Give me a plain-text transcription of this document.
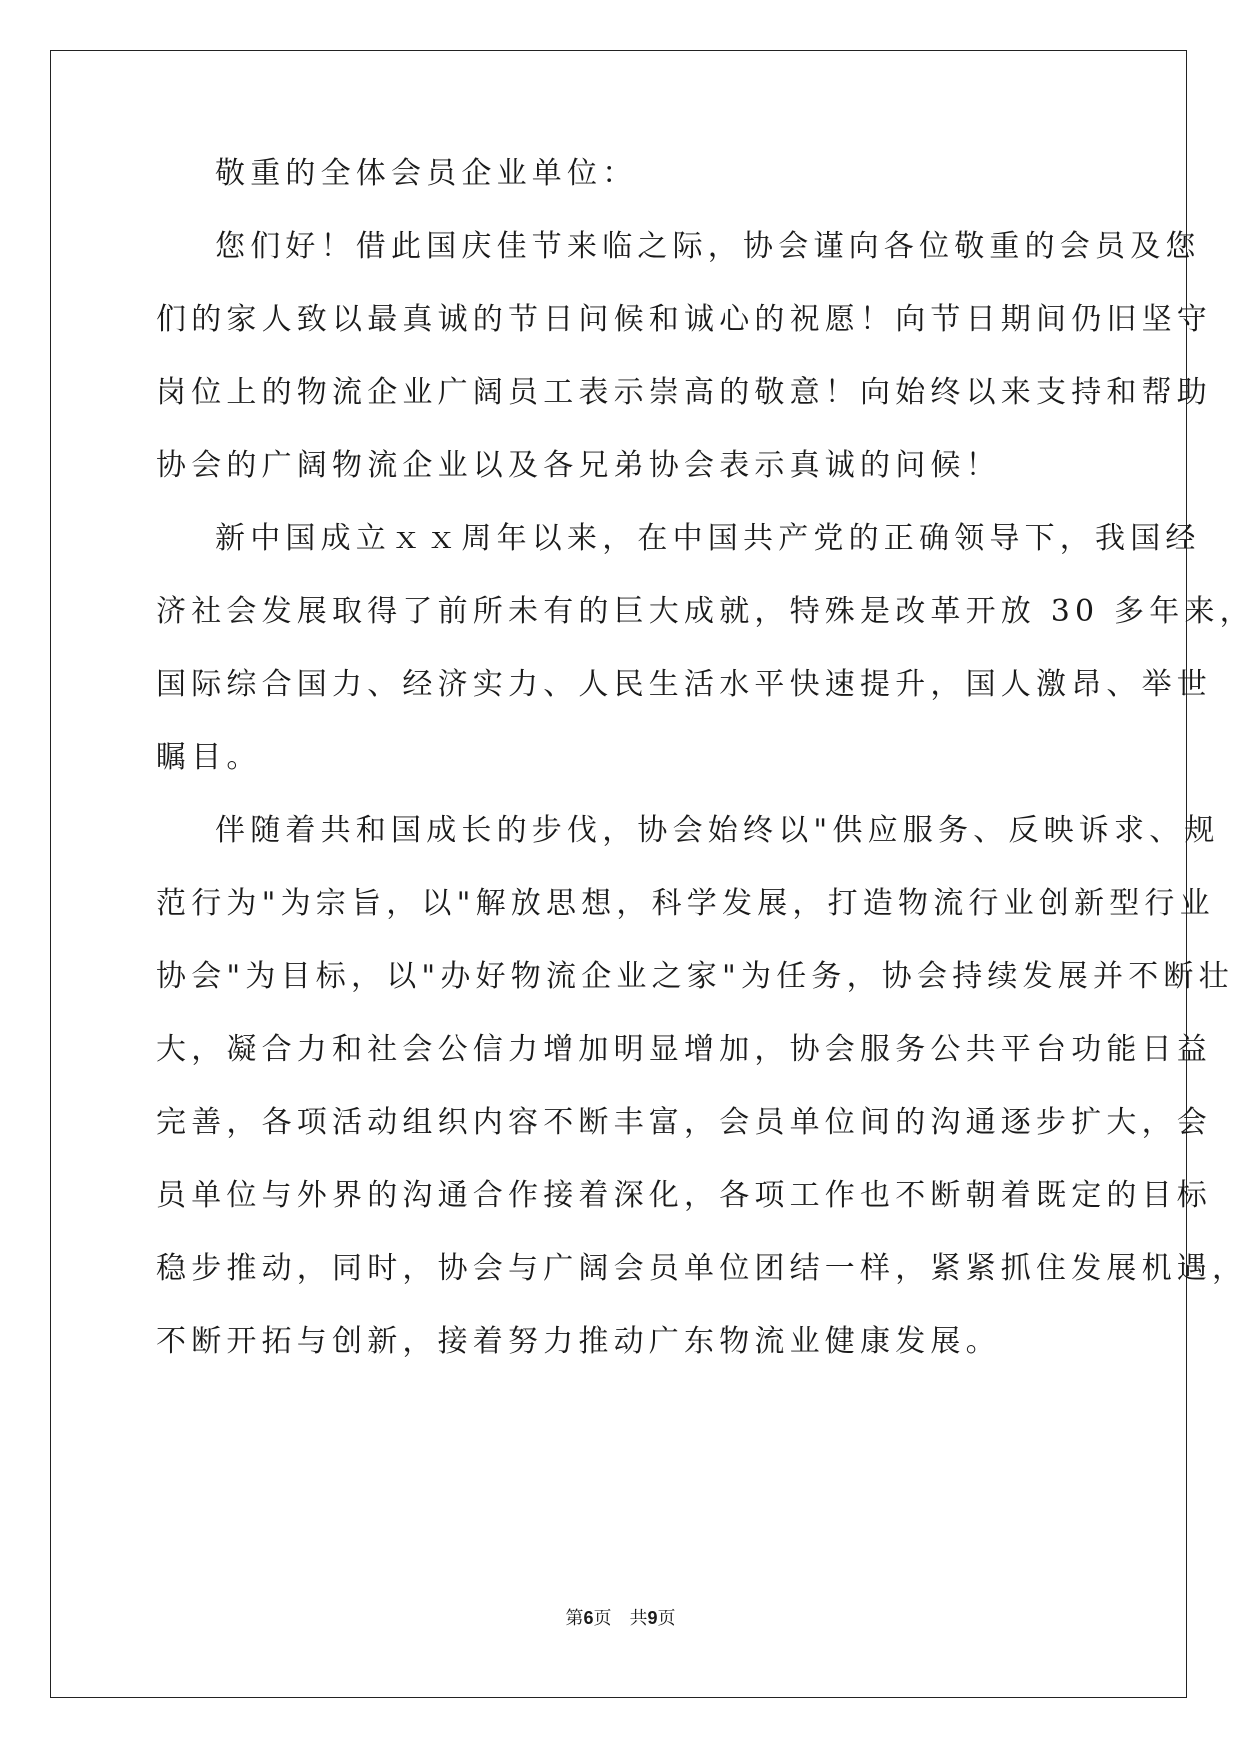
敬重的全体会员企业单位：
您们好！借此国庆佳节来临之际，协会谨向各位敬重的会员及您
们的家人致以最真诚的节日问候和诚心的祝愿！向节日期间仍旧坚守
岗位上的物流企业广阔员工表示崇高的敬意！向始终以来支持和帮助
协会的广阔物流企业以及各兄弟协会表示真诚的问候！
新中国成立ｘｘ周年以来，在中国共产党的正确领导下，我国经
济社会发展取得了前所未有的巨大成就，特殊是改革开放 30 多年来，
国际综合国力、经济实力、人民生活水平快速提升，国人激昂、举世
瞩目。
伴随着共和国成长的步伐，协会始终以"供应服务、反映诉求、规
范行为"为宗旨，以"解放思想，科学发展，打造物流行业创新型行业
协会"为目标，以"办好物流企业之家"为任务，协会持续发展并不断壮
大，凝合力和社会公信力增加明显增加，协会服务公共平台功能日益
完善，各项活动组织内容不断丰富，会员单位间的沟通逐步扩大，会
员单位与外界的沟通合作接着深化，各项工作也不断朝着既定的目标
稳步推动，同时，协会与广阔会员单位团结一样，紧紧抓住发展机遇，
不断开拓与创新，接着努力推动广东物流业健康发展。
第6页　共9页
